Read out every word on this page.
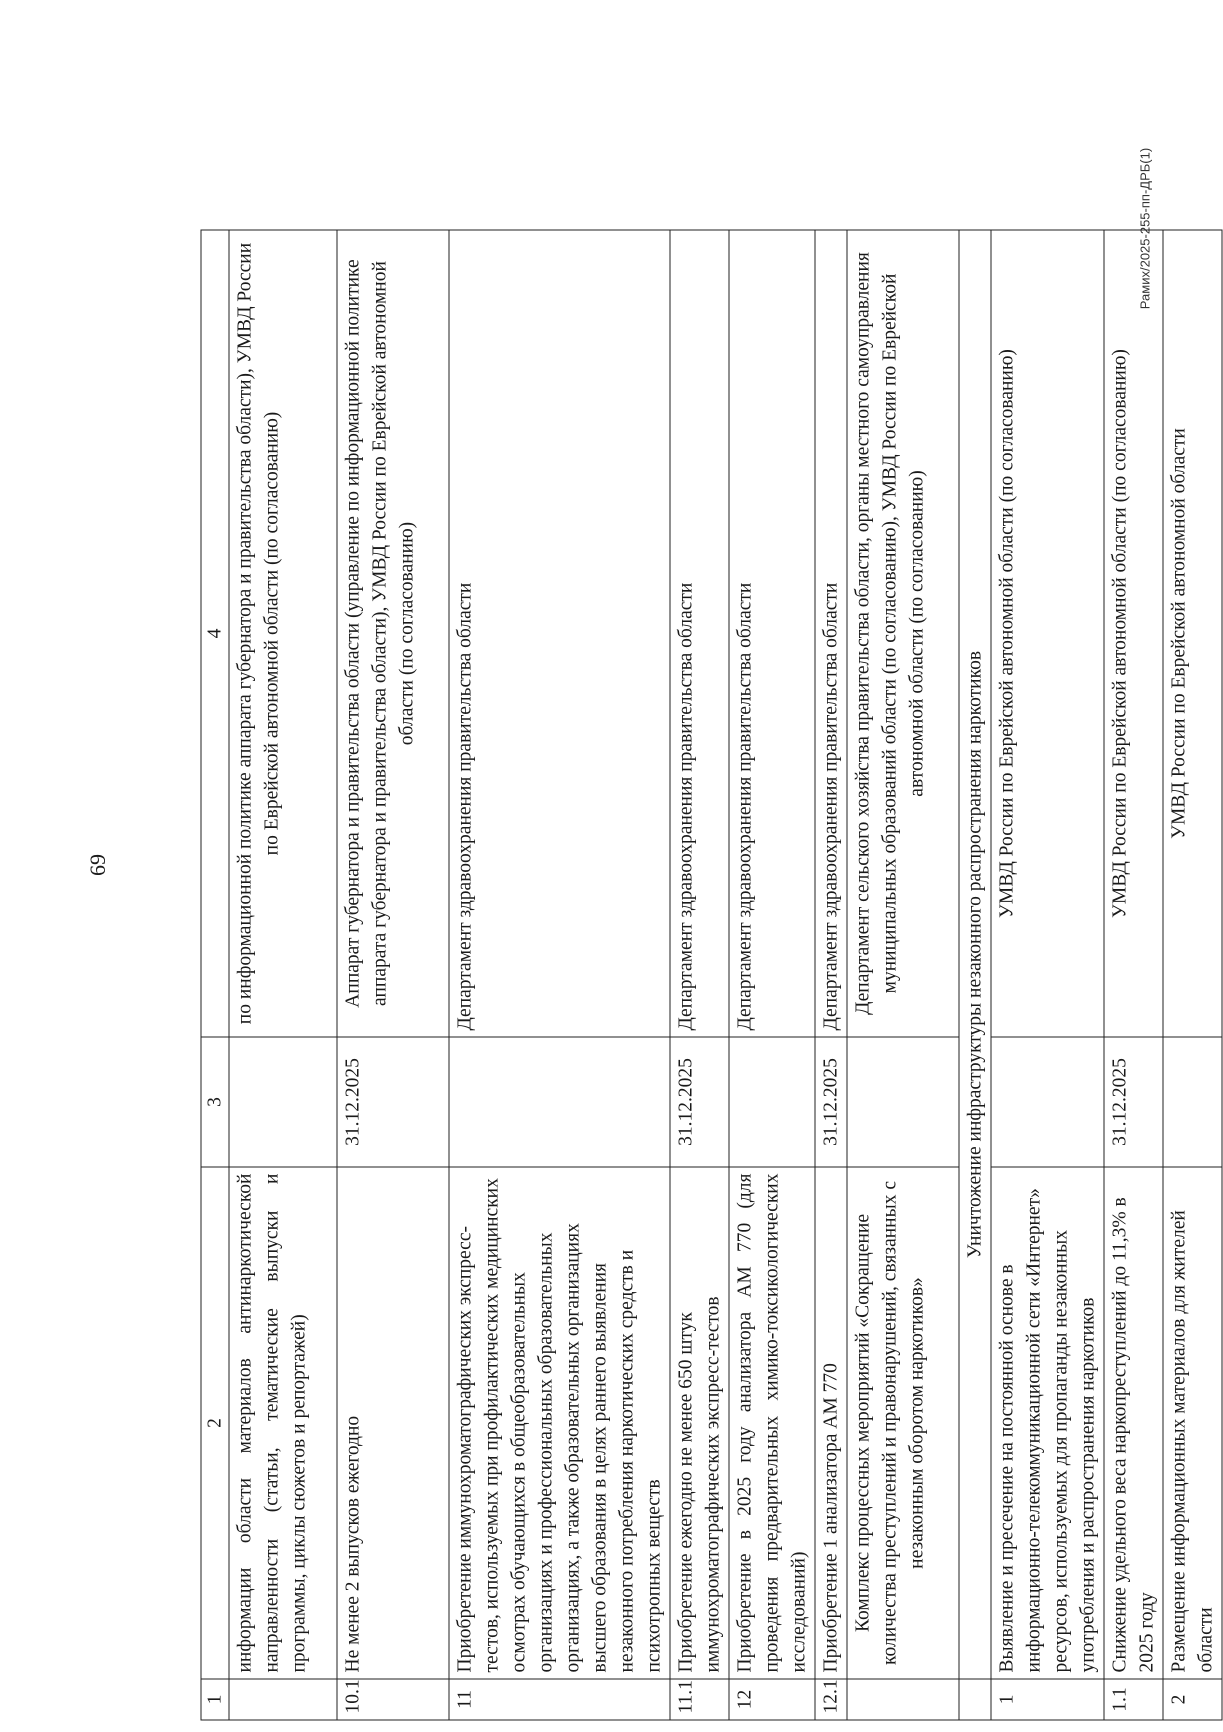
69
Рамих/2025-255-пп-ДРБ(1)
1	2	3	4
	информации области материалов антинаркотической направленности (статьи, тематические выпуски и программы, циклы сюжетов и репортажей)		по информационной политике аппарата губернатора и правительства области), УМВД России по Еврейской автономной области (по согласованию)
10.1	Не менее 2 выпусков ежегодно	31.12.2025	Аппарат губернатора и правительства области (управление по информационной политике аппарата губернатора и правительства области), УМВД России по Еврейской автономной области (по согласованию)
11	Приобретение иммунохроматографических экспресс-тестов, используемых при профилактических медицинских осмотрах обучающихся в общеобразовательных организациях и профессиональных образовательных организациях, а также образовательных организациях высшего образования в целях раннего выявления незаконного потребления наркотических средств и психотропных веществ		Департамент здравоохранения правительства области
11.1	Приобретение ежегодно не менее 650 штук иммунохроматографических экспресс-тестов	31.12.2025	Департамент здравоохранения правительства области
12	Приобретение в 2025 году анализатора АМ 770 (для проведения предварительных химико-токсикологических исследований)		Департамент здравоохранения правительства области
12.1	Приобретение 1 анализатора АМ 770	31.12.2025	Департамент здравоохранения правительства области
	Комплекс процессных мероприятий «Сокращение количества преступлений и правонарушений, связанных с незаконным оборотом наркотиков»		Департамент сельского хозяйства правительства области, органы местного самоуправления муниципальных образований области (по согласованию), УМВД России по Еврейской автономной области (по согласованию)
	Уничтожение инфраструктуры незаконного распространения наркотиков		
1	Выявление и пресечение на постоянной основе в информационно-телекоммуникационной сети «Интернет» ресурсов, используемых для пропаганды незаконных употребления и распространения наркотиков		УМВД России по Еврейской автономной области (по согласованию)
1.1	Снижение удельного веса наркопреступлений до 11,3% в 2025 году	31.12.2025	УМВД России по Еврейской автономной области (по согласованию)
2	Размещение информационных материалов для жителей области		УМВД России по Еврейской автономной области
